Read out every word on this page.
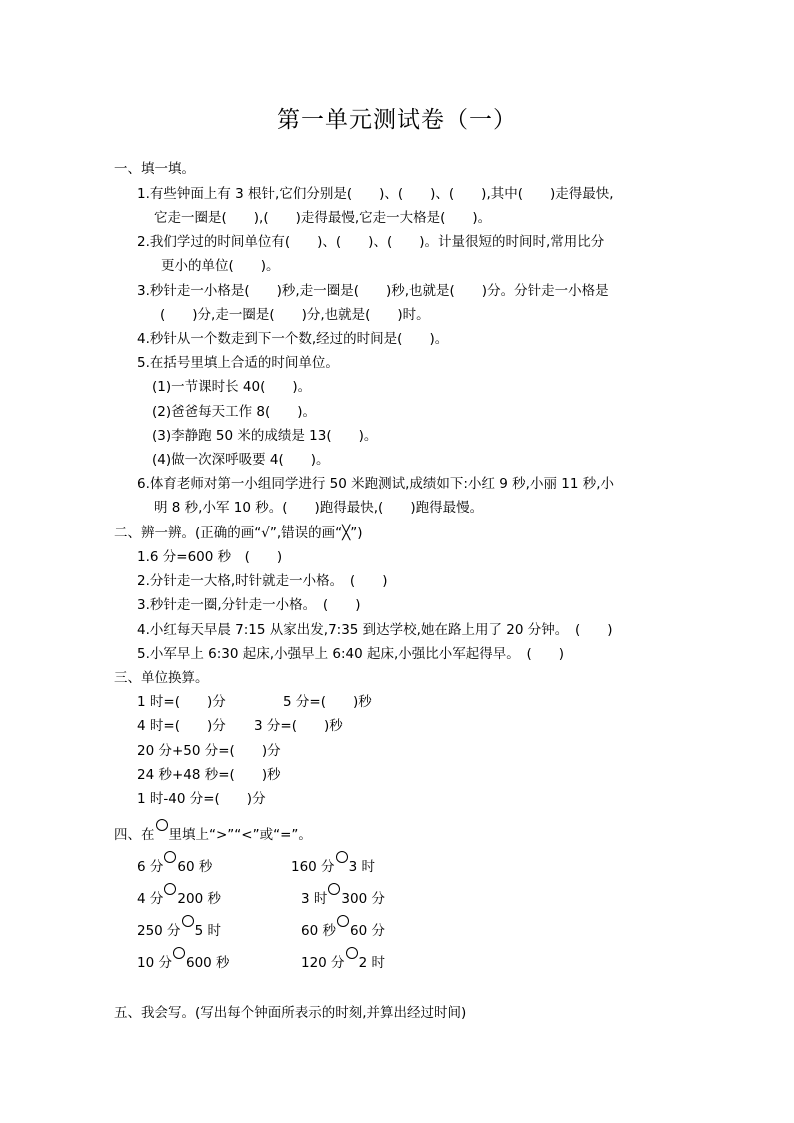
第一单元测试卷（一）
一、填一填。
1.有些钟面上有 3 根针,它们分别是(　　)、(　　)、(　　),其中(　　)走得最快,
它走一圈是(　　),(　　)走得最慢,它走一大格是(　　)。
2.我们学过的时间单位有(　　)、(　　)、(　　)。计量很短的时间时,常用比分
更小的单位(　　)。
3.秒针走一小格是(　　)秒,走一圈是(　　)秒,也就是(　　)分。分针走一小格是
(　　)分,走一圈是(　　)分,也就是(　　)时。
4.秒针从一个数走到下一个数,经过的时间是(　　)。
5.在括号里填上合适的时间单位。
(1)一节课时长 40(　　)。
(2)爸爸每天工作 8(　　)。
(3)李静跑 50 米的成绩是 13(　　)。
(4)做一次深呼吸要 4(　　)。
6.体育老师对第一小组同学进行 50 米跑测试,成绩如下:小红 9 秒,小丽 11 秒,小
明 8 秒,小军 10 秒。(　　)跑得最快,(　　)跑得最慢。
二、辨一辨。(正确的画“√”,错误的画“╳”)
1.6 分=600 秒　(　　)
2.分针走一大格,时针就走一小格。　(　　)
3.秒针走一圈,分针走一小格。　(　　)
4.小红每天早晨 7:15 从家出发,7:35 到达学校,她在路上用了 20 分钟。　(　　)
5.小军早上 6:30 起床,小强早上 6:40 起床,小强比小军起得早。　(　　)
三、单位换算。
1 时=(　　)分	5 分=(　　)秒
4 时=(　　)分 3 分=(　　)秒
20 分+50 分=(　　)分
24 秒+48 秒=(　　)秒
1 时-40 分=(　　)分
四、在 里填上“>”“<”或“=”。
6 分 60 秒	160 分 3 时
4 分 200 秒	3 时 300 分
250 分 5 时	60 秒 60 分
10 分 600 秒	120 分 2 时
五、我会写。(写出每个钟面所表示的时刻,并算出经过时间)
